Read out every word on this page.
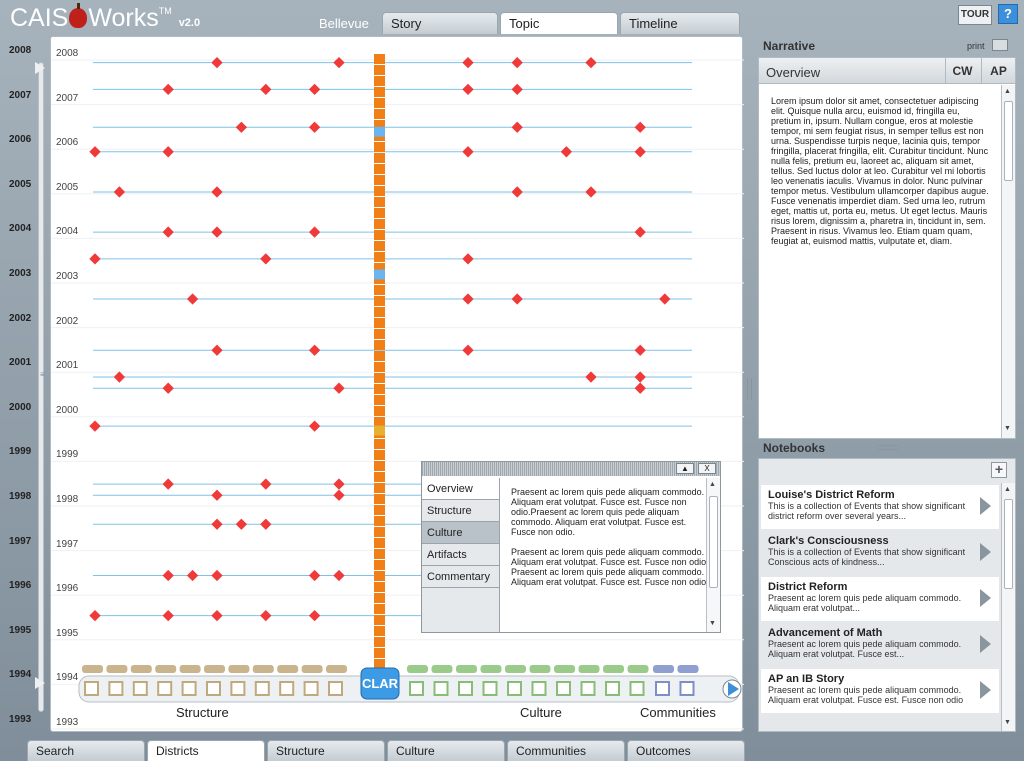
CAIS Works™ v2.0	Bellevue	Story	Topic	Timeline
TOUR	?
≡
2008
2007
2006
2005
2004
2003
2002
2001
2000
1999
1998
1997
1996
1995
1994
1993
CLAR
Structure	Culture	Communities
2008
2007
2006
2005
2004
2003
2002
2001
2000
1999
1998
1997
1996
1995
1994
1993
▲	X
Overview
Structure
Culture
Artifacts
Commentary

Praesent ac lorem quis pede aliquam commodo. Aliquam erat volutpat. Fusce est. Fusce non odio.Praesent ac lorem quis pede aliquam commodo. Aliquam erat volutpat. Fusce est. Fusce non odio.

Praesent ac lorem quis pede aliquam commodo. Aliquam erat volutpat. Fusce est. Fusce non odio Praesent ac lorem quis pede aliquam commodo. Aliquam erat volutpat. Fusce est. Fusce non odio

▲
▼
Search	Districts	Structure	Culture	Communities	Outcomes
Narrative	print
Overview	CW	AP
Lorem ipsum dolor sit amet, consectetuer adipiscing elit. Quisque nulla arcu, euismod id, fringilla eu, pretium in, ipsum. Nullam congue, eros at molestie tempor, mi sem feugiat risus, in semper tellus est non urna. Suspendisse turpis neque, lacinia quis, tempor fringilla, placerat fringilla, elit. Curabitur tincidunt. Nunc nulla felis, pretium eu, laoreet ac, aliquam sit amet, tellus. Sed luctus dolor at leo. Curabitur vel mi lobortis leo venenatis iaculis. Vivamus in dolor. Nunc pulvinar tempor metus. Vestibulum ullamcorper dapibus augue. Fusce venenatis imperdiet diam. Sed urna leo, rutrum eget, mattis ut, porta eu, metus. Ut eget lectus. Mauris risus lorem, dignissim a, pharetra in, tincidunt in, sem. Praesent in risus. Vivamus leo. Etiam quam quam, feugiat at, euismod mattis, vulputate et, diam.
▲
▼
Notebooks
+
▲
▼
Louise's District Reform
This is a collection of Events that show significant district reform over several years...
Clark's Consciousness
This is a collection of Events that show significant Conscious acts of kindness...
District Reform
Praesent ac lorem quis pede aliquam commodo. Aliquam erat volutpat...
Advancement of Math
Praesent ac lorem quis pede aliquam commodo. Aliquam erat volutpat. Fusce est...
AP an IB Story
Praesent ac lorem quis pede aliquam commodo. Aliquam erat volutpat. Fusce est. Fusce non odio
